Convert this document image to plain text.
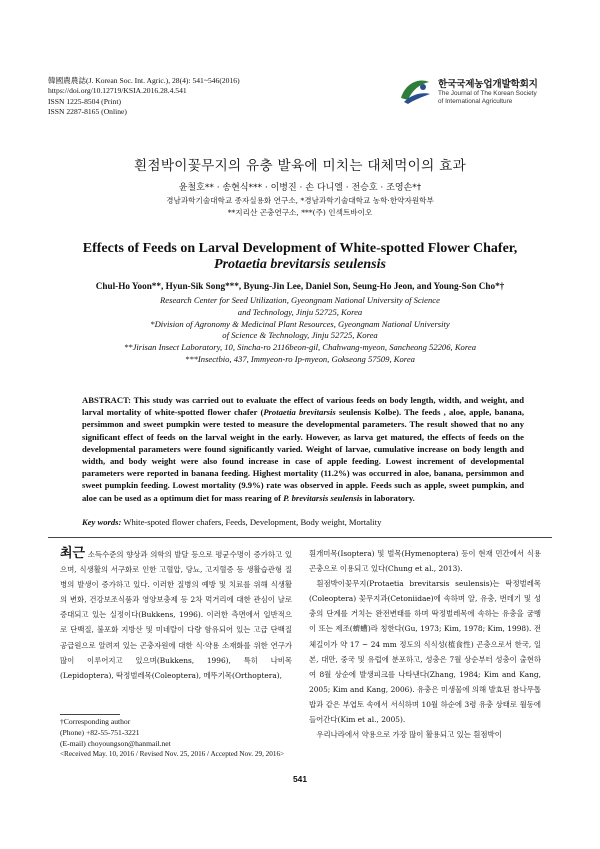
韓國農農誌(J. Korean Soc. Int. Agric.), 28(4): 541~546(2016)
https://doi.org/10.12719/KSIA.2016.28.4.541
ISSN 1225-8504 (Print)
ISSN 2287-8165 (Online)
한국국제농업개발학회지
The Journal of The Korean Society
of International Agriculture
흰점박이꽃무지의 유충 발육에 미치는 대체먹이의 효과
윤철호** · 송현식*** · 이병진 · 손 다니엘 · 전승호 · 조영손*†
경남과학기술대학교 종자실용화 연구소, *경남과학기술대학교 농학·한약자원학부
**지리산 곤충연구소, ***(주) 인섹트바이오
Effects of Feeds on Larval Development of White-spotted Flower Chafer,
Protaetia brevitarsis seulensis
Chul-Ho Yoon**, Hyun-Sik Song***, Byung-Jin Lee, Daniel Son, Seung-Ho Jeon, and Young-Son Cho*†
Research Center for Seed Utilization, Gyeongnam National University of Science
and Technology, Jinju 52725, Korea
*Division of Agronomy & Medicinal Plant Resources, Gyeongnam National University
of Science & Technology, Jinju 52725, Korea
**Jirisan Insect Laboratory, 10, Sincha-ro 2116beon-gil, Chahwang-myeon, Sancheong 52206, Korea
***Insectbio, 437, Immyeon-ro Ip-myeon, Gokseong 57509, Korea
ABSTRACT: This study was carried out to evaluate the effect of various feeds on body length, width, and weight, and larval mortality of white-spotted flower chafer (Protaetia brevitarsis seulensis Kolbe). The feeds , aloe, apple, banana, persimmon and sweet pumpkin were tested to measure the developmental parameters. The result showed that no any significant effect of feeds on the larval weight in the early. However, as larva get matured, the effects of feeds on the developmental parameters were found significantly varied. Weight of larvae, cumulative increase on body length and width, and body weight were also found increase in case of apple feeding. Lowest increment of developmental parameters were reported in banana feeding. Highest mortality (11.2%) was occurred in aloe, banana, persimmon and sweet pumpkin feeding. Lowest mortality (9.9%) rate was observed in apple. Feeds such as apple, sweet pumpkin, and aloe can be used as a optimum diet for mass rearing of P. brevitarsis seulensis in laboratory.
Key words: White-spoted flower chafers, Feeds, Development, Body weight, Mortality
최근 소득수준의 향상과 의학의 발달 등으로 평균수명이 증가하고 있으며, 식생활의 서구화로 인한 고혈압, 당뇨, 고지혈증 등 생활습관형 질병의 발생이 증가하고 있다. 이러한 질병의 예방 및 치료를 위해 식생활의 변화, 건강보조식품과 영양보충제 등 2차 먹거리에 대한 관심이 날로 증대되고 있는 실정이다(Bukkens, 1996). 이러한 측면에서 일반적으로 단백질, 불포화 지방산 및 미네랄이 다량 함유되어 있는 고급 단백질 공급원으로 알려져 있는 곤충자원에 대한 식·약용 소재화를 위한 연구가 많이 이루어지고 있으며(Bukkens, 1996), 특히 나비목(Lepidoptera), 딱정벌레목(Coleoptera), 메뚜기목(Orthoptera),
†Corresponding author
(Phone) +82-55-751-3221
(E-mail) choyoungson@hanmail.net
<Received May. 10, 2016 / Revised Nov. 25, 2016 / Accepted Nov. 29, 2016>
흰개미목(Isoptera) 및 벌목(Hymenoptera) 등이 현재 민간에서 식용곤충으로 이용되고 있다(Chung et al., 2013).
흰점박이꽃무지(Protaetia brevitarsis seulensis)는 딱정벌레목(Coleoptera) 꽃무지과(Cetoniidae)에 속하며 알, 유충, 번데기 및 성충의 단계를 거치는 완전변태를 하며 딱정벌레목에 속하는 유충을 굼벵이 또는 제조(蠐螬)라 칭한다(Gu, 1973; Kim, 1978; Kim, 1998). 전체길이가 약 17 ~ 24 mm 정도의 식식성(植食性) 곤충으로서 한국, 일본, 대만, 중국 및 유럽에 분포하고, 성충은 7월 상순부터 성충이 출현하여 8월 상순에 발생피크를 나타낸다(Zhang, 1984; Kim and Kang, 2005; Kim and Kang, 2006). 유충은 미생물에 의해 발효된 참나무톱밥과 같은 부엽토 속에서 서식하며 10월 하순에 3령 유충 상태로 월동에 들어간다(Kim et al., 2005).
우리나라에서 약용으로 가장 많이 활용되고 있는 흰점박이
541
